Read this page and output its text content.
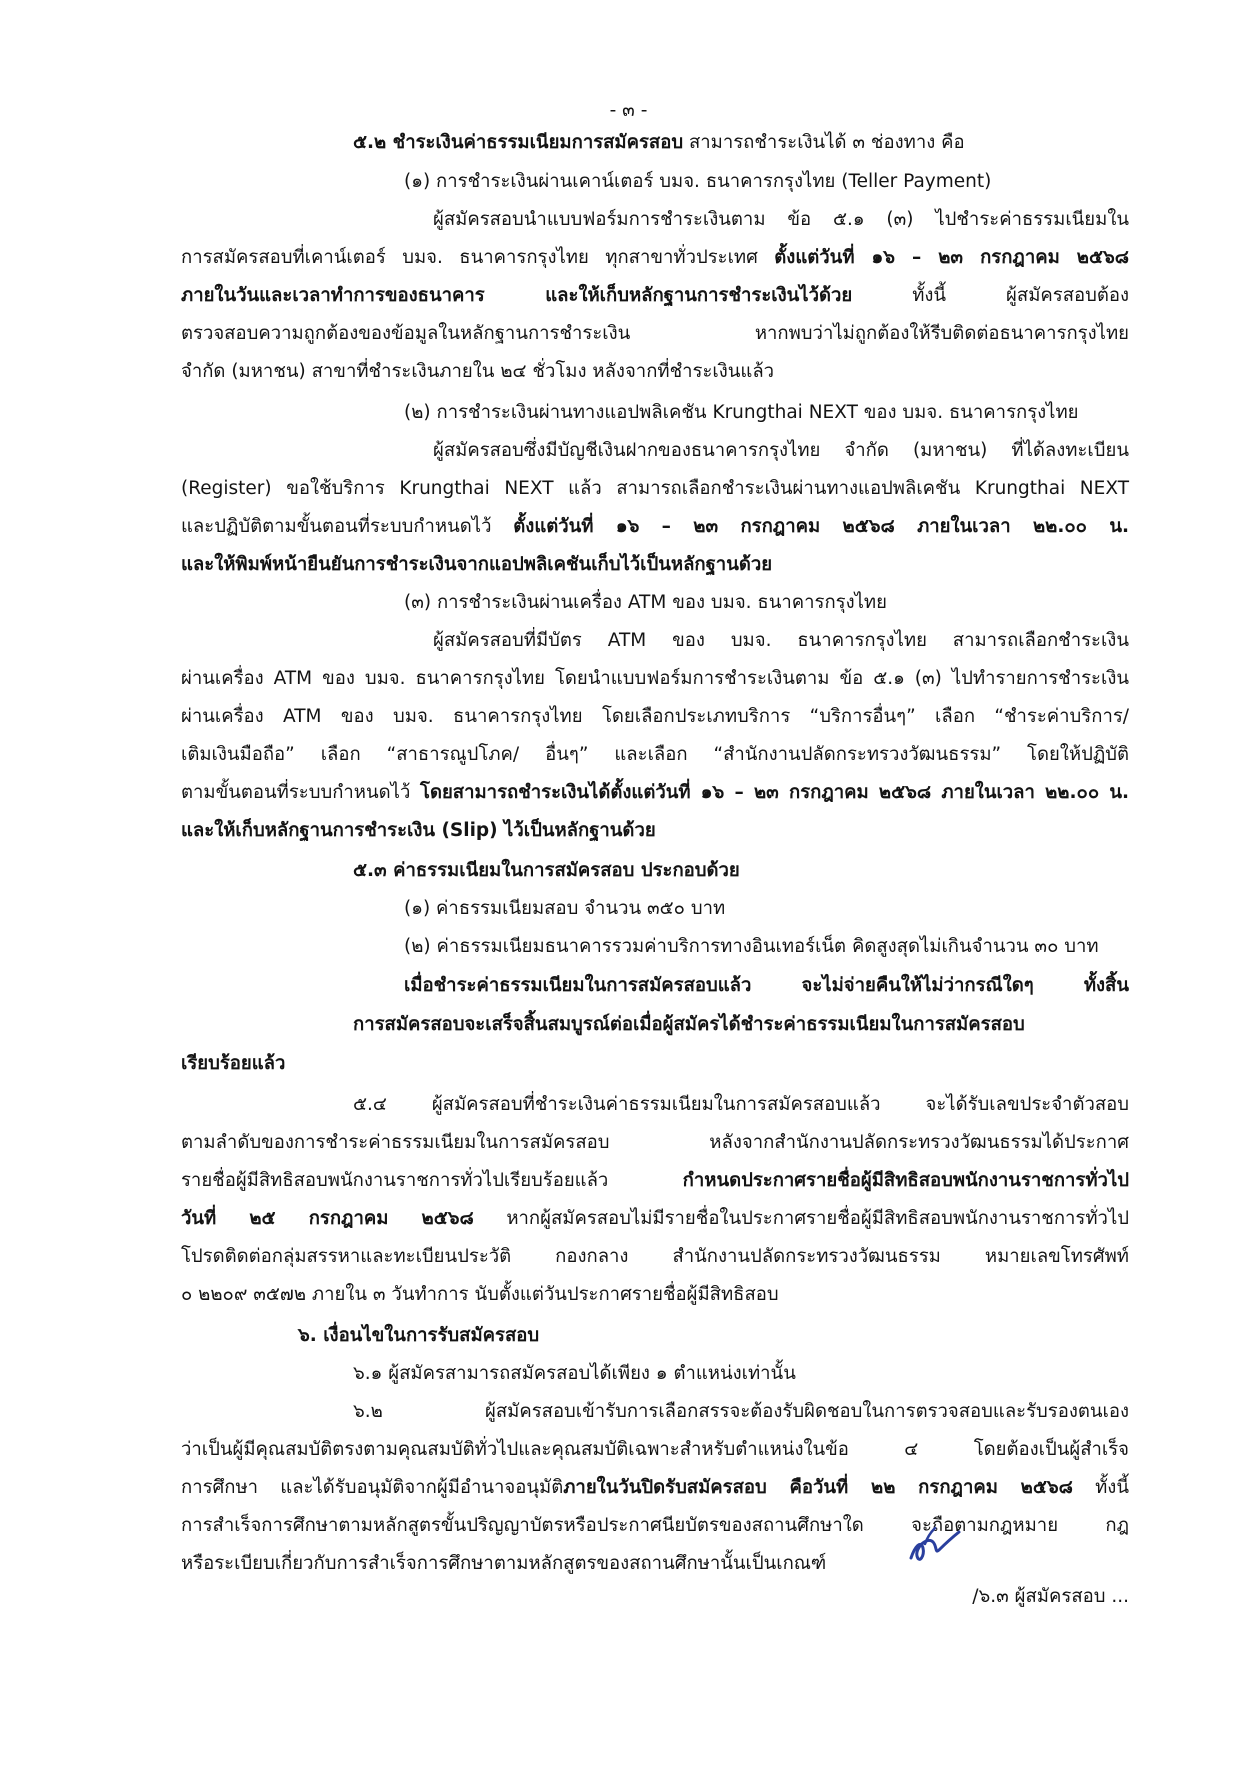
- ๓ -
๕.๒ ชำระเงินค่าธรรมเนียมการสมัครสอบ สามารถชำระเงินได้ ๓ ช่องทาง คือ
(๑) การชำระเงินผ่านเคาน์เตอร์ บมจ. ธนาคารกรุงไทย (Teller Payment)
ผู้สมัครสอบนำแบบฟอร์มการชำระเงินตาม ข้อ ๕.๑ (๓) ไปชำระค่าธรรมเนียมใน
การสมัครสอบที่เคาน์เตอร์ บมจ. ธนาคารกรุงไทย ทุกสาขาทั่วประเทศ ตั้งแต่วันที่ ๑๖ – ๒๓ กรกฎาคม ๒๕๖๘
ภายในวันและเวลาทำการของธนาคาร และให้เก็บหลักฐานการชำระเงินไว้ด้วย ทั้งนี้ ผู้สมัครสอบต้อง
ตรวจสอบความถูกต้องของข้อมูลในหลักฐานการชำระเงิน หากพบว่าไม่ถูกต้องให้รีบติดต่อธนาคารกรุงไทย
จำกัด (มหาชน) สาขาที่ชำระเงินภายใน ๒๔ ชั่วโมง หลังจากที่ชำระเงินแล้ว
(๒) การชำระเงินผ่านทางแอปพลิเคชัน Krungthai NEXT ของ บมจ. ธนาคารกรุงไทย
ผู้สมัครสอบซึ่งมีบัญชีเงินฝากของธนาคารกรุงไทย จำกัด (มหาชน) ที่ได้ลงทะเบียน
(Register) ขอใช้บริการ Krungthai NEXT แล้ว สามารถเลือกชำระเงินผ่านทางแอปพลิเคชัน Krungthai NEXT
และปฏิบัติตามขั้นตอนที่ระบบกำหนดไว้ ตั้งแต่วันที่ ๑๖ – ๒๓ กรกฎาคม ๒๕๖๘ ภายในเวลา ๒๒.๐๐ น.
และให้พิมพ์หน้ายืนยันการชำระเงินจากแอปพลิเคชันเก็บไว้เป็นหลักฐานด้วย
(๓) การชำระเงินผ่านเครื่อง ATM ของ บมจ. ธนาคารกรุงไทย
ผู้สมัครสอบที่มีบัตร ATM ของ บมจ. ธนาคารกรุงไทย สามารถเลือกชำระเงิน
ผ่านเครื่อง ATM ของ บมจ. ธนาคารกรุงไทย โดยนำแบบฟอร์มการชำระเงินตาม ข้อ ๕.๑ (๓) ไปทำรายการชำระเงิน
ผ่านเครื่อง ATM ของ บมจ. ธนาคารกรุงไทย โดยเลือกประเภทบริการ “บริการอื่นๆ” เลือก “ชำระค่าบริการ/
เติมเงินมือถือ” เลือก “สาธารณูปโภค/ อื่นๆ” และเลือก “สำนักงานปลัดกระทรวงวัฒนธรรม” โดยให้ปฏิบัติ
ตามขั้นตอนที่ระบบกำหนดไว้ โดยสามารถชำระเงินได้ตั้งแต่วันที่ ๑๖ – ๒๓ กรกฎาคม ๒๕๖๘ ภายในเวลา ๒๒.๐๐ น.
และให้เก็บหลักฐานการชำระเงิน (Slip) ไว้เป็นหลักฐานด้วย
๕.๓ ค่าธรรมเนียมในการสมัครสอบ ประกอบด้วย
(๑) ค่าธรรมเนียมสอบ จำนวน ๓๕๐ บาท
(๒) ค่าธรรมเนียมธนาคารรวมค่าบริการทางอินเทอร์เน็ต คิดสูงสุดไม่เกินจำนวน ๓๐ บาท
เมื่อชำระค่าธรรมเนียมในการสมัครสอบแล้ว จะไม่จ่ายคืนให้ไม่ว่ากรณีใดๆ ทั้งสิ้น
การสมัครสอบจะเสร็จสิ้นสมบูรณ์ต่อเมื่อผู้สมัครได้ชำระค่าธรรมเนียมในการสมัครสอบ
เรียบร้อยแล้ว
๕.๔ ผู้สมัครสอบที่ชำระเงินค่าธรรมเนียมในการสมัครสอบแล้ว จะได้รับเลขประจำตัวสอบ
ตามลำดับของการชำระค่าธรรมเนียมในการสมัครสอบ หลังจากสำนักงานปลัดกระทรวงวัฒนธรรมได้ประกาศ
รายชื่อผู้มีสิทธิสอบพนักงานราชการทั่วไปเรียบร้อยแล้ว กำหนดประกาศรายชื่อผู้มีสิทธิสอบพนักงานราชการทั่วไป
วันที่ ๒๕ กรกฎาคม ๒๕๖๘ หากผู้สมัครสอบไม่มีรายชื่อในประกาศรายชื่อผู้มีสิทธิสอบพนักงานราชการทั่วไป
โปรดติดต่อกลุ่มสรรหาและทะเบียนประวัติ กองกลาง สำนักงานปลัดกระทรวงวัฒนธรรม หมายเลขโทรศัพท์
๐ ๒๒๐๙ ๓๕๗๒ ภายใน ๓ วันทำการ นับตั้งแต่วันประกาศรายชื่อผู้มีสิทธิสอบ
๖. เงื่อนไขในการรับสมัครสอบ
๖.๑ ผู้สมัครสามารถสมัครสอบได้เพียง ๑ ตำแหน่งเท่านั้น
๖.๒ ผู้สมัครสอบเข้ารับการเลือกสรรจะต้องรับผิดชอบในการตรวจสอบและรับรองตนเอง
ว่าเป็นผู้มีคุณสมบัติตรงตามคุณสมบัติทั่วไปและคุณสมบัติเฉพาะสำหรับตำแหน่งในข้อ ๔ โดยต้องเป็นผู้สำเร็จ
การศึกษา และได้รับอนุมัติจากผู้มีอำนาจอนุมัติภายในวันปิดรับสมัครสอบ คือวันที่ ๒๒ กรกฎาคม ๒๕๖๘ ทั้งนี้
การสำเร็จการศึกษาตามหลักสูตรขั้นปริญญาบัตรหรือประกาศนียบัตรของสถานศึกษาใด จะถือตามกฎหมาย กฎ
หรือระเบียบเกี่ยวกับการสำเร็จการศึกษาตามหลักสูตรของสถานศึกษานั้นเป็นเกณฑ์
/๖.๓ ผู้สมัครสอบ ...
